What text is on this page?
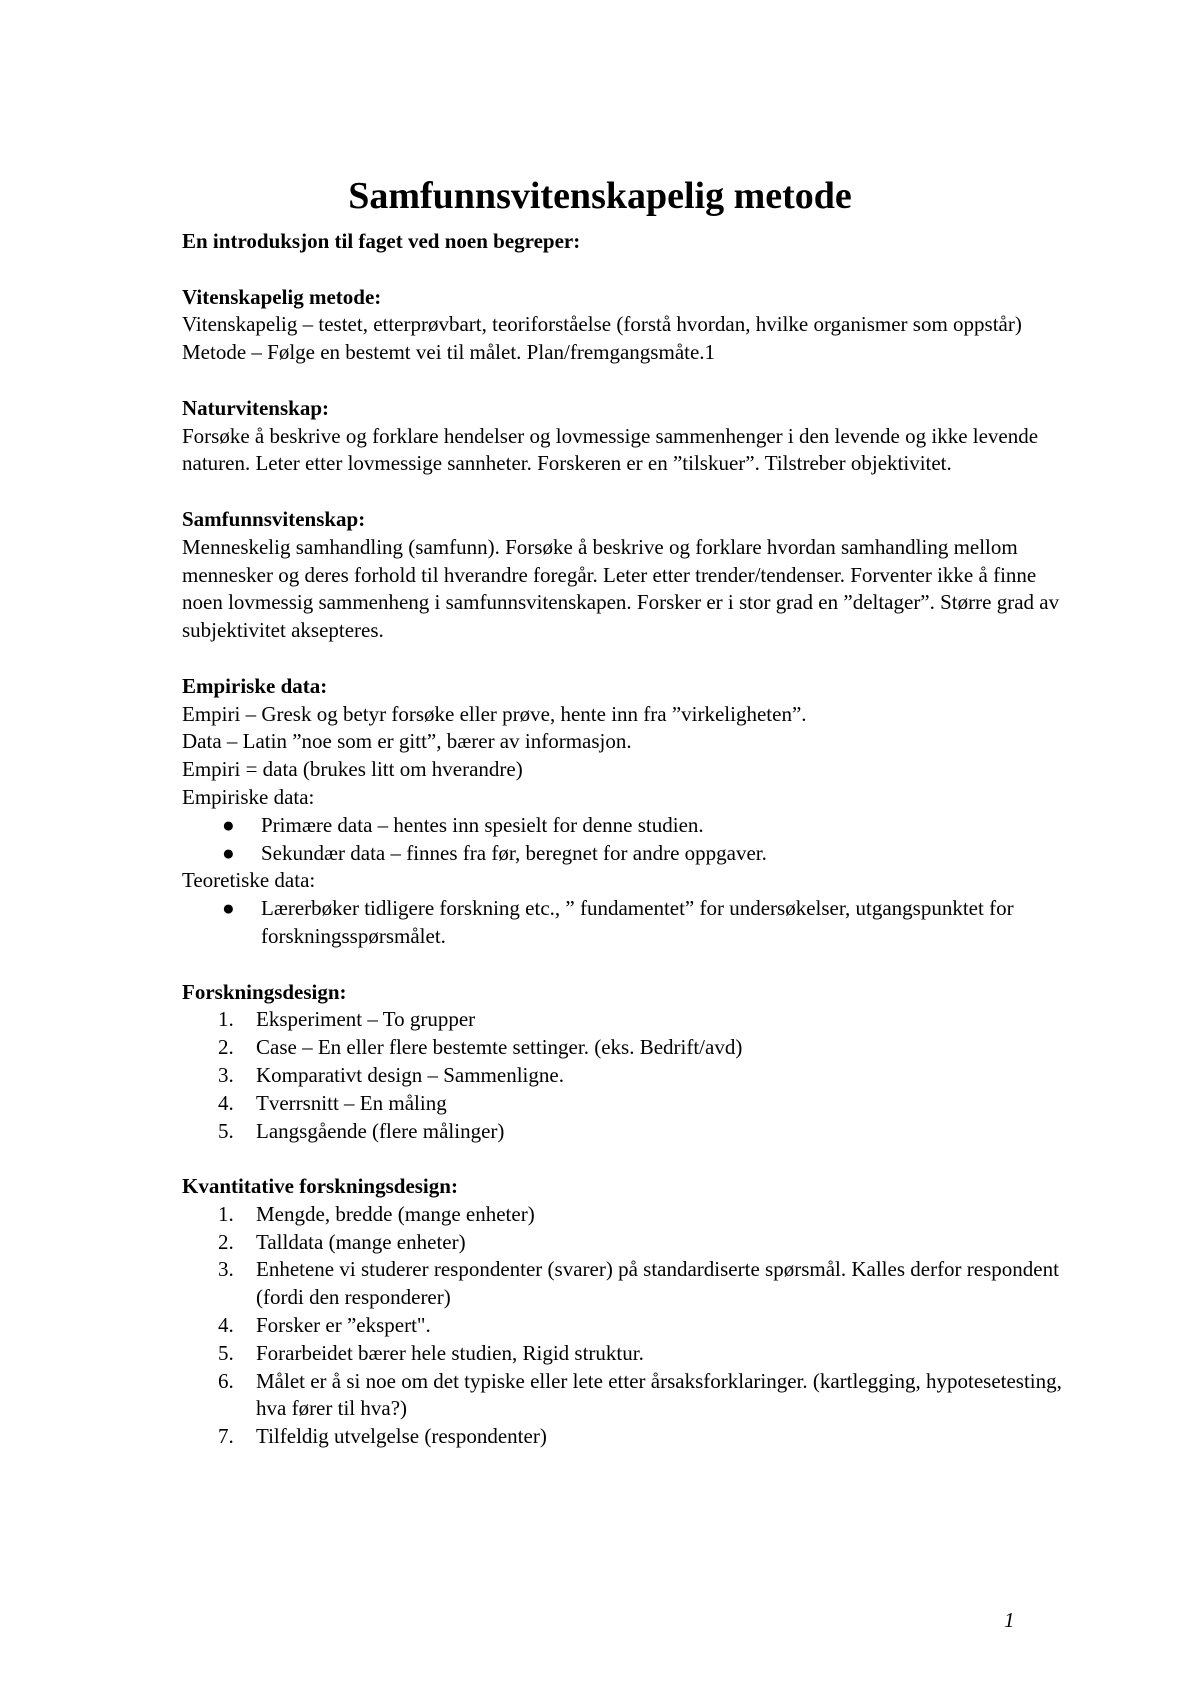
Samfunnsvitenskapelig metode

En introduksjon til faget ved noen begreper:

Vitenskapelig metode:

Vitenskapelig – testet, etterprøvbart, teoriforståelse (forstå hvordan, hvilke organismer som oppstår)

Metode – Følge en bestemt vei til målet. Plan/fremgangsmåte.1

Naturvitenskap:

Forsøke å beskrive og forklare hendelser og lovmessige sammenhenger i den levende og ikke levende naturen. Leter etter lovmessige sannheter. Forskeren er en ”tilskuer”. Tilstreber objektivitet.

Samfunnsvitenskap:

Menneskelig samhandling (samfunn). Forsøke å beskrive og forklare hvordan samhandling mellom mennesker og deres forhold til hverandre foregår. Leter etter trender/tendenser. Forventer ikke å finne noen lovmessig sammenheng i samfunnsvitenskapen. Forsker er i stor grad en ”deltager”. Større grad av subjektivitet aksepteres.

Empiriske data:

Empiri – Gresk og betyr forsøke eller prøve, hente inn fra ”virkeligheten”.

Data – Latin ”noe som er gitt”, bærer av informasjon.

Empiri = data (brukes litt om hverandre)

Empiriske data:

● Primære data – hentes inn spesielt for denne studien.
● Sekundær data – finnes fra før, beregnet for andre oppgaver.

Teoretiske data:

● Lærerbøker tidligere forskning etc., ” fundamentet” for undersøkelser, utgangspunktet for forskningsspørsmålet.
Forskningsdesign:
1. Eksperiment – To grupper
2. Case – En eller flere bestemte settinger. (eks. Bedrift/avd)
3. Komparativt design – Sammenligne.
4. Tverrsnitt – En måling
5. Langsgående (flere målinger)
Kvantitative forskningsdesign:
1. Mengde, bredde (mange enheter)
2. Talldata (mange enheter)
3. Enhetene vi studerer respondenter (svarer) på standardiserte spørsmål. Kalles derfor respondent (fordi den responderer)
4. Forsker er ”ekspert".
5. Forarbeidet bærer hele studien, Rigid struktur.
6. Målet er å si noe om det typiske eller lete etter årsaksforklaringer. (kartlegging, hypotesetesting, hva fører til hva?)
7. Tilfeldig utvelgelse (respondenter)
1
